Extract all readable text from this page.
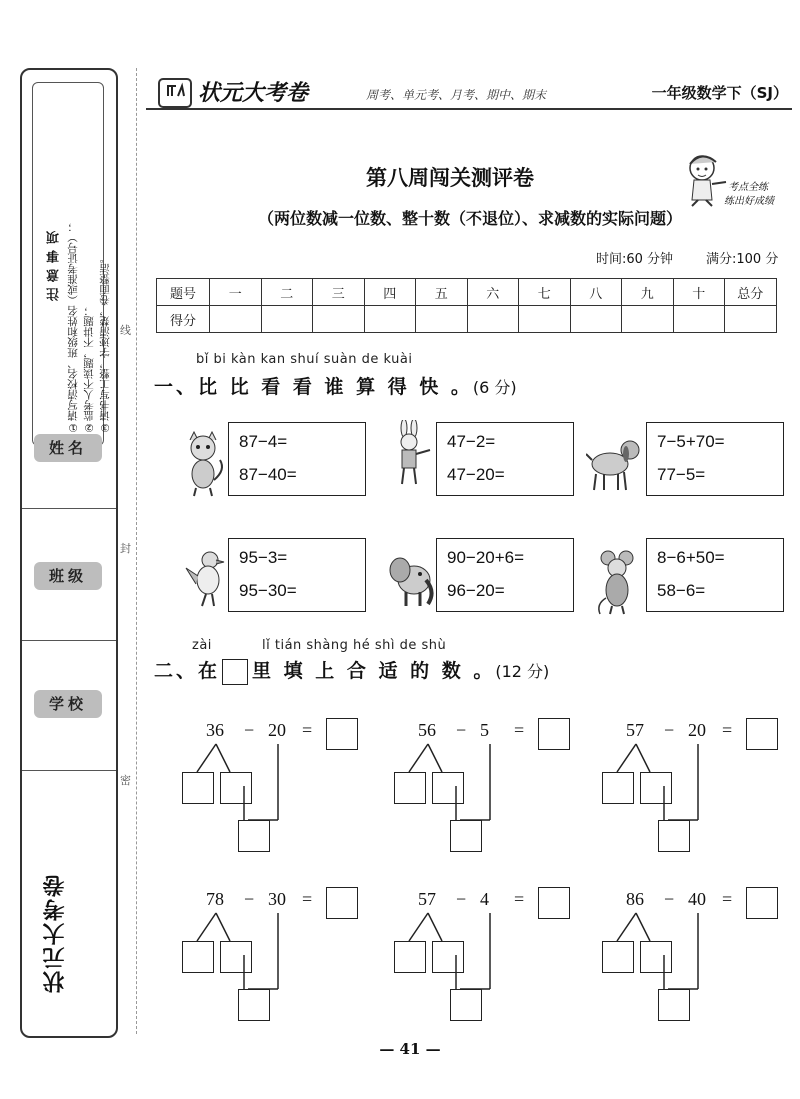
注意事项 ①请写清校名、班级和姓名（或准考证号）； ②监考人不读题，不讲题； ③请书写工整，字迹清楚，卷面整洁。
姓名
班级
学校
状元大考卷
线
封
密
状元大考卷	周考、单元考、月考、期中、期末	一年级数学下（SJ）
第八周闯关测评卷
（两位数减一位数、整十数（不退位）、求减数的实际问题）
考点全练
练出好成绩
时间:60 分钟	满分:100 分
题号	一	二	三	四	五	六	七	八	九	十	总分
得分											
bǐ bi kàn kan shuí suàn de kuài
一、比 比 看 看 谁 算 得 快 。(6 分)
87−4=
87−40=
47−2=
47−20=
7−5+70=
77−5=
95−3=
95−30=
90−20+6=
96−20=
8−6+50=
58−6=
zài	lǐ tián shàng hé shì de shù
二、在 里 填 上 合 适 的 数 。(12 分)
36 − 20 =	56 − 5 =	57 − 20 =
78 − 30 =	57 − 4 =	86 − 40 =
— 41 —
